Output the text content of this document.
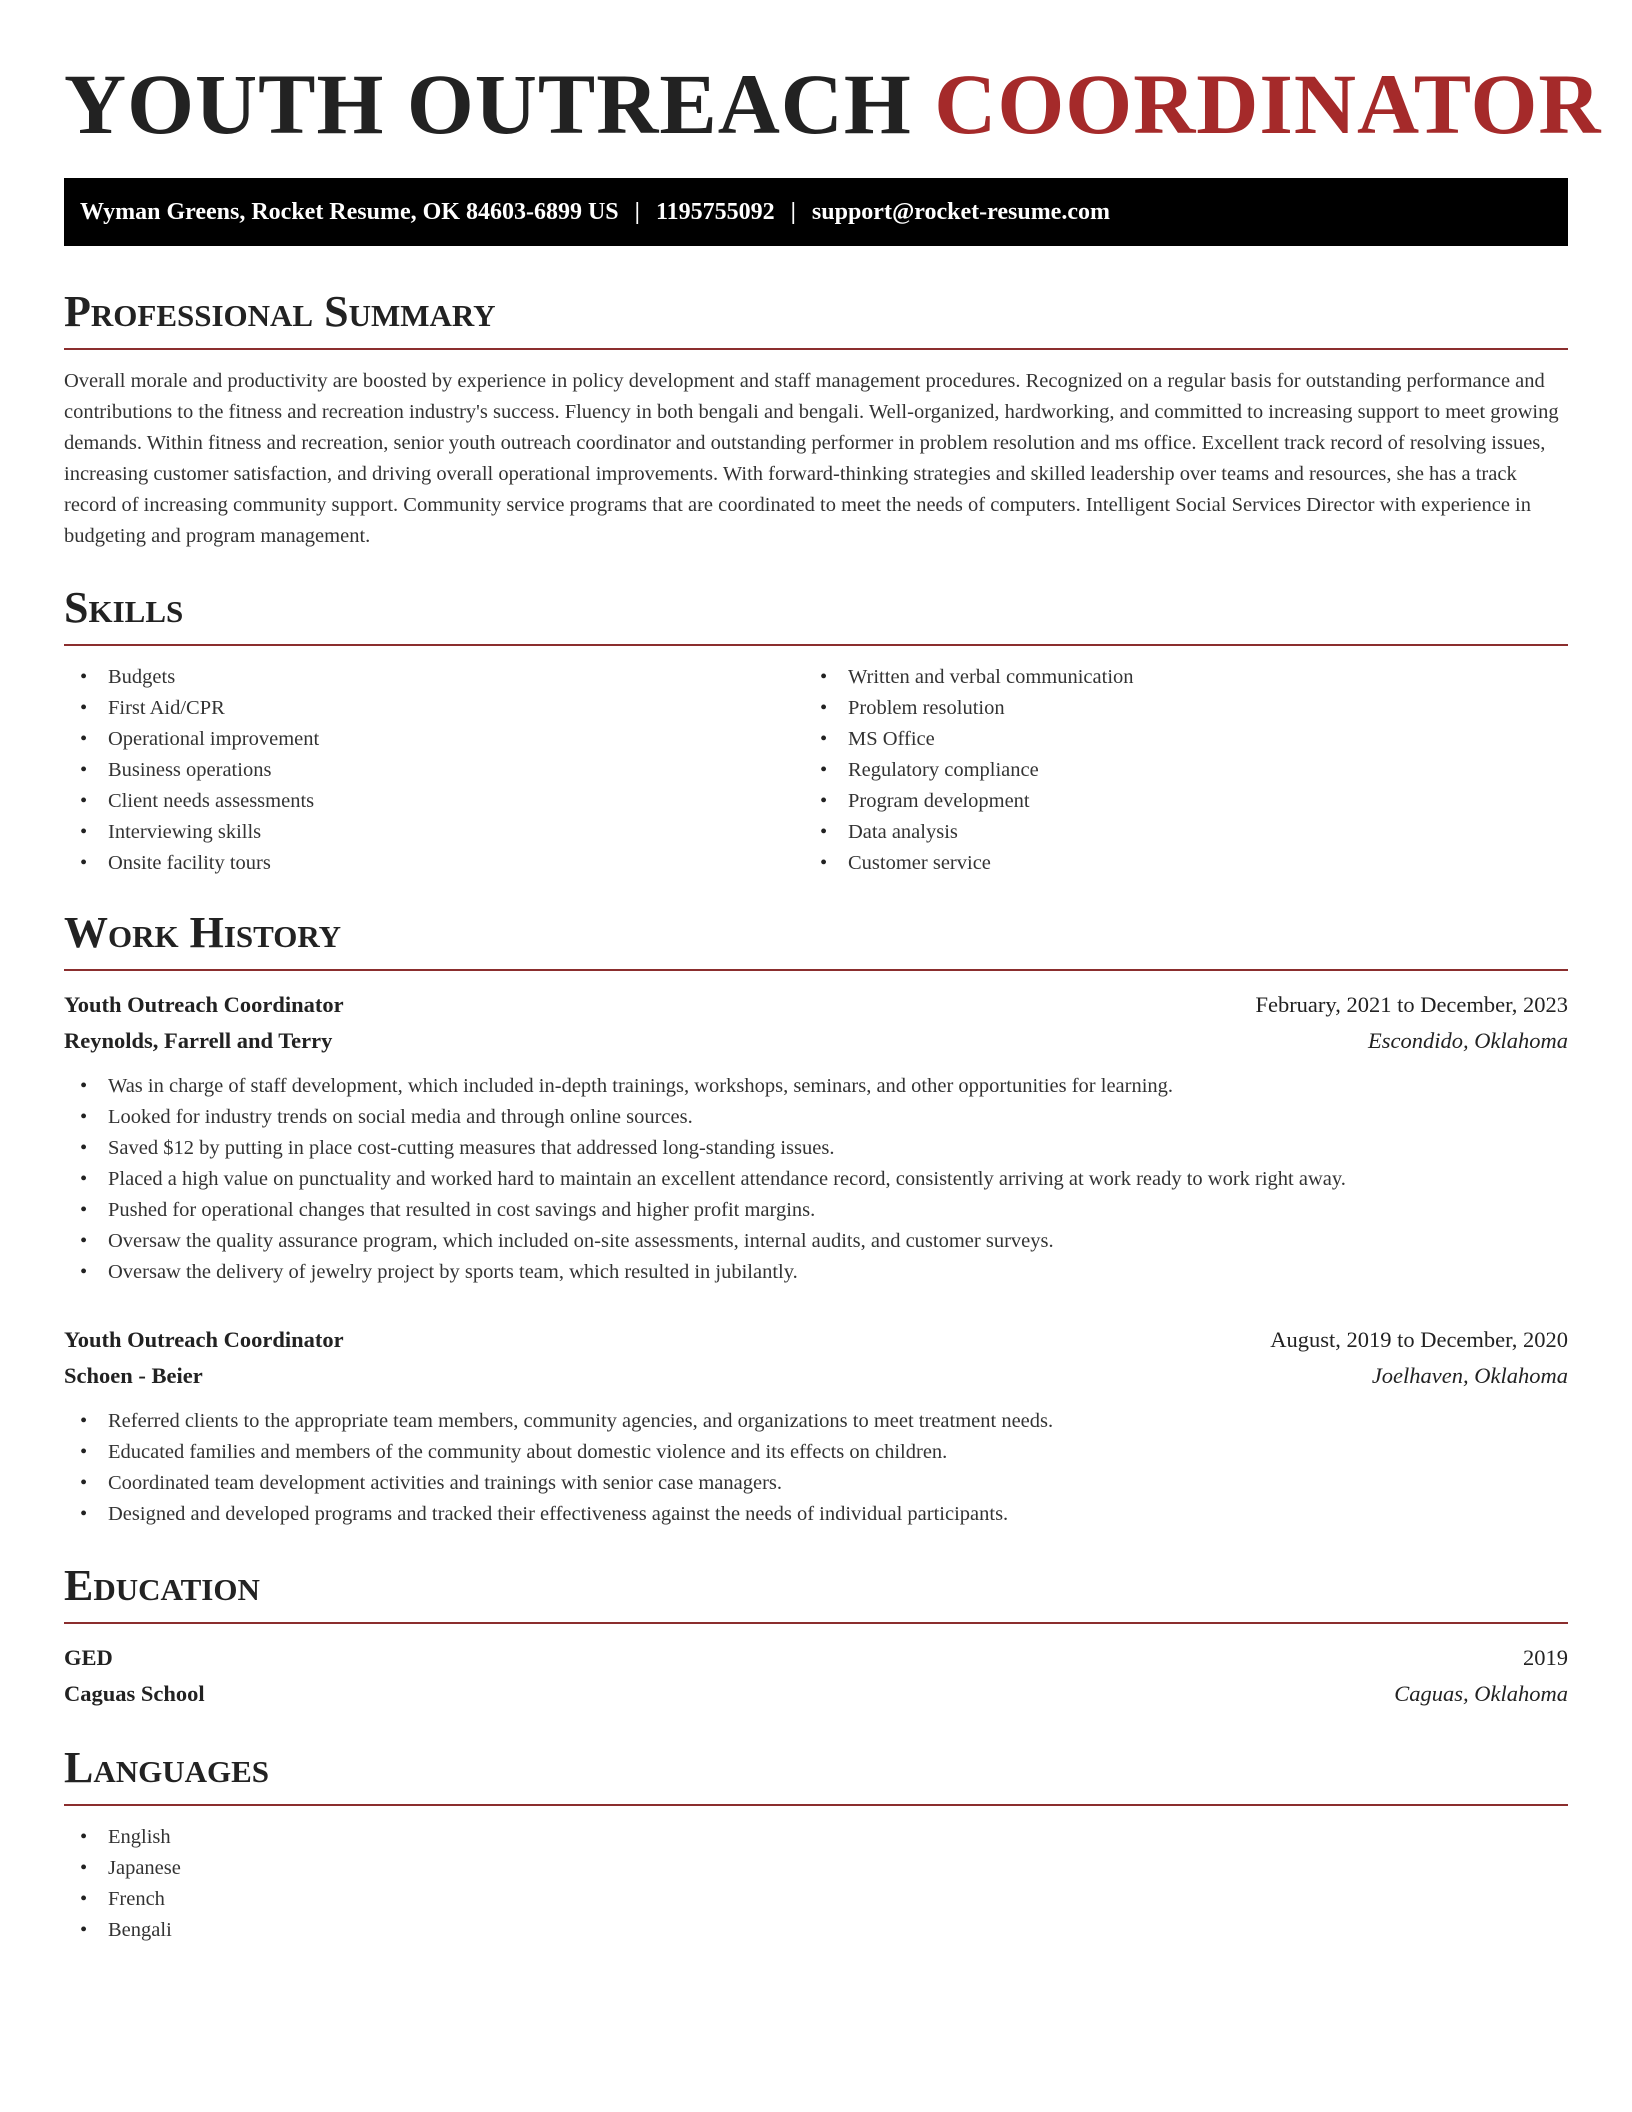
YOUTH OUTREACH COORDINATOR
Wyman Greens, Rocket Resume, OK 84603-6899 US | 1195755092 | support@rocket-resume.com
Professional Summary

Overall morale and productivity are boosted by experience in policy development and staff management procedures. Recognized on a regular basis for outstanding performance and contributions to the fitness and recreation industry's success. Fluency in both bengali and bengali. Well-organized, hardworking, and committed to increasing support to meet growing demands. Within fitness and recreation, senior youth outreach coordinator and outstanding performer in problem resolution and ms office. Excellent track record of resolving issues, increasing customer satisfaction, and driving overall operational improvements. With forward-thinking strategies and skilled leadership over teams and resources, she has a track record of increasing community support. Community service programs that are coordinated to meet the needs of computers. Intelligent Social Services Director with experience in budgeting and program management.

Skills
• Budgets
• First Aid/CPR
• Operational improvement
• Business operations
• Client needs assessments
• Interviewing skills
• Onsite facility tours
• Written and verbal communication
• Problem resolution
• MS Office
• Regulatory compliance
• Program development
• Data analysis
• Customer service
Work History
Youth Outreach Coordinator	February, 2021 to December, 2023
Reynolds, Farrell and Terry	Escondido, Oklahoma
• Was in charge of staff development, which included in-depth trainings, workshops, seminars, and other opportunities for learning.
• Looked for industry trends on social media and through online sources.
• Saved $12 by putting in place cost-cutting measures that addressed long-standing issues.
• Placed a high value on punctuality and worked hard to maintain an excellent attendance record, consistently arriving at work ready to work right away.
• Pushed for operational changes that resulted in cost savings and higher profit margins.
• Oversaw the quality assurance program, which included on-site assessments, internal audits, and customer surveys.
• Oversaw the delivery of jewelry project by sports team, which resulted in jubilantly.
Youth Outreach Coordinator	August, 2019 to December, 2020
Schoen - Beier	Joelhaven, Oklahoma
• Referred clients to the appropriate team members, community agencies, and organizations to meet treatment needs.
• Educated families and members of the community about domestic violence and its effects on children.
• Coordinated team development activities and trainings with senior case managers.
• Designed and developed programs and tracked their effectiveness against the needs of individual participants.
Education
GED	2019
Caguas School	Caguas, Oklahoma
Languages
• English
• Japanese
• French
• Bengali
